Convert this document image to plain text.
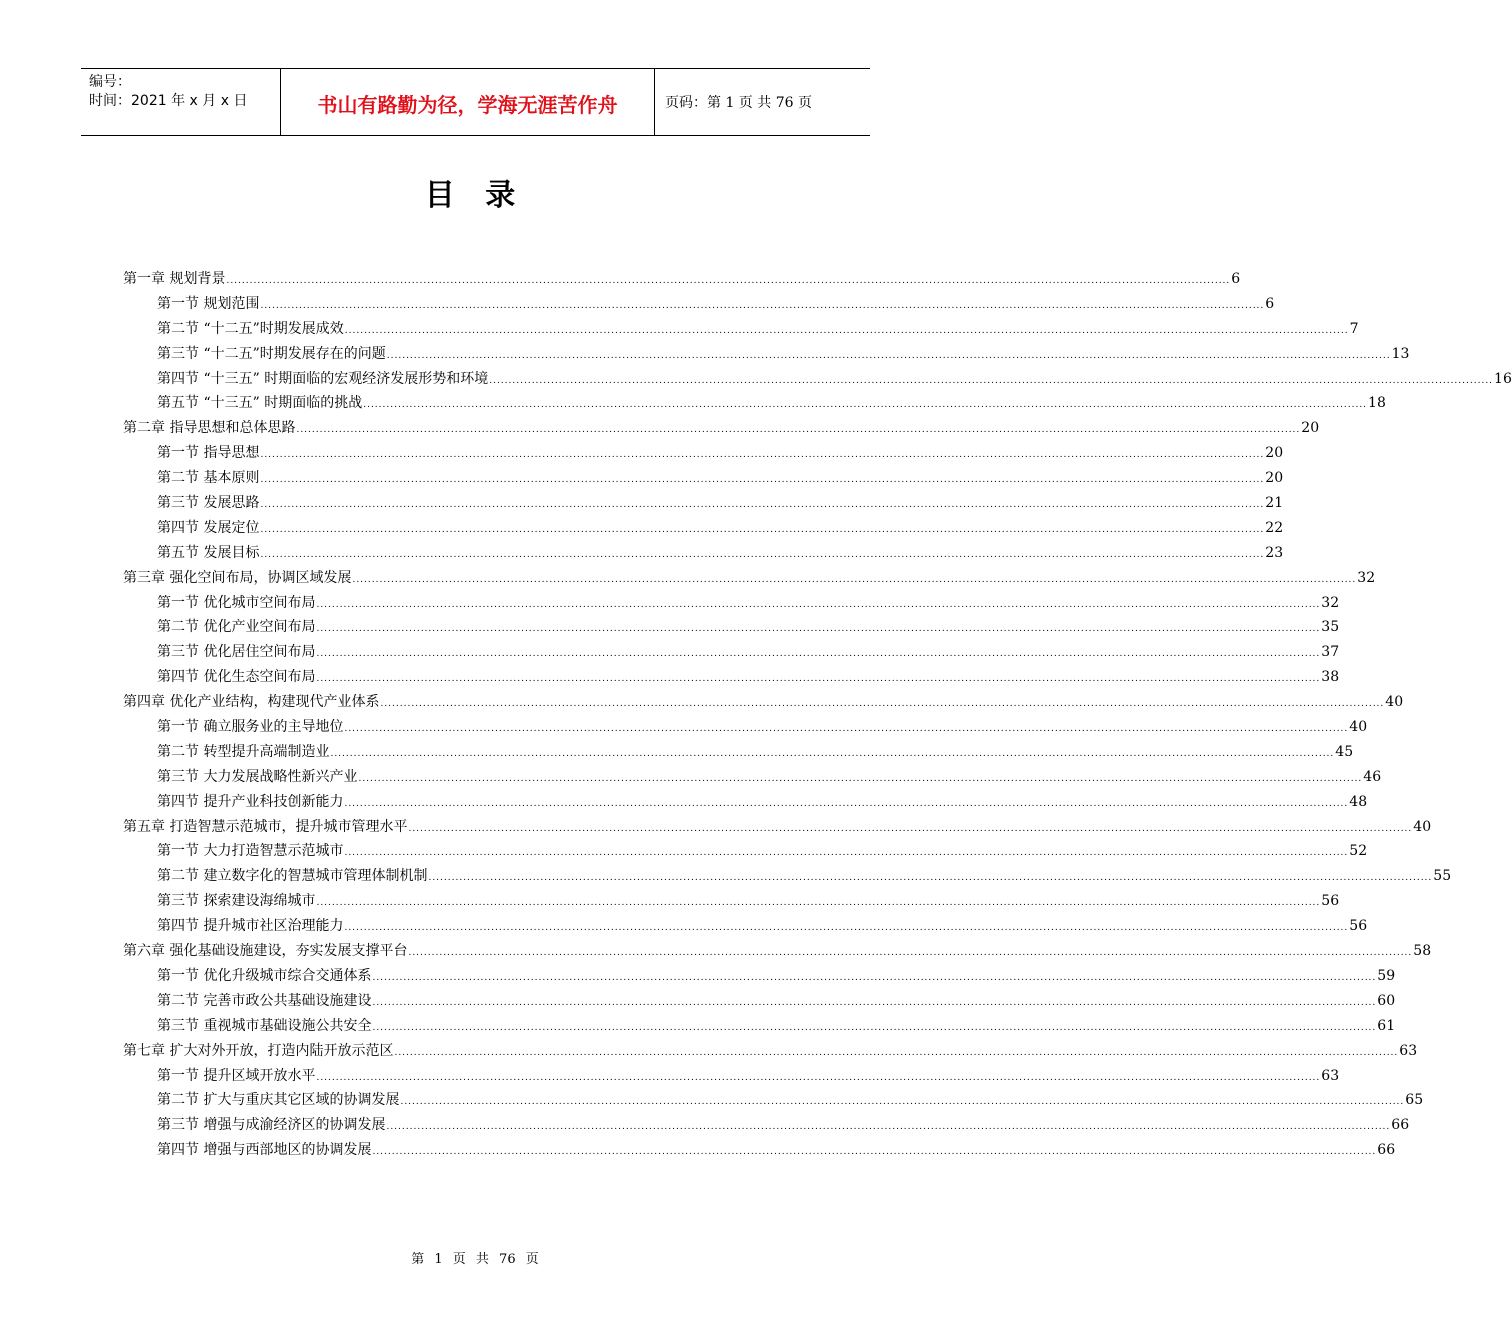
编号：
时间：2021 年 x 月 x 日	书山有路勤为径，学海无涯苦作舟	页码：第 1 页 共 76 页
目 录
第一章 规划背景 .................................................................................................................................................................................................................................................................... 6
第一节 规划范围 .................................................................................................................................................................................................................................................................... 6
第二节 “十二五”时期发展成效 .................................................................................................................................................................................................................................................................... 7
第三节 “十二五”时期发展存在的问题 .................................................................................................................................................................................................................................................................... 13
第四节 “十三五” 时期面临的宏观经济发展形势和环境 .................................................................................................................................................................................................................................................................... 16
第五节 “十三五” 时期面临的挑战 .................................................................................................................................................................................................................................................................... 18
第二章 指导思想和总体思路 .................................................................................................................................................................................................................................................................... 20
第一节 指导思想 .................................................................................................................................................................................................................................................................... 20
第二节 基本原则 .................................................................................................................................................................................................................................................................... 20
第三节 发展思路 .................................................................................................................................................................................................................................................................... 21
第四节 发展定位 .................................................................................................................................................................................................................................................................... 22
第五节 发展目标 .................................................................................................................................................................................................................................................................... 23
第三章 强化空间布局，协调区域发展 .................................................................................................................................................................................................................................................................... 32
第一节 优化城市空间布局 .................................................................................................................................................................................................................................................................... 32
第二节 优化产业空间布局 .................................................................................................................................................................................................................................................................... 35
第三节 优化居住空间布局 .................................................................................................................................................................................................................................................................... 37
第四节 优化生态空间布局 .................................................................................................................................................................................................................................................................... 38
第四章 优化产业结构，构建现代产业体系 .................................................................................................................................................................................................................................................................... 40
第一节 确立服务业的主导地位 .................................................................................................................................................................................................................................................................... 40
第二节 转型提升高端制造业 .................................................................................................................................................................................................................................................................... 45
第三节 大力发展战略性新兴产业 .................................................................................................................................................................................................................................................................... 46
第四节 提升产业科技创新能力 .................................................................................................................................................................................................................................................................... 48
第五章 打造智慧示范城市，提升城市管理水平 .................................................................................................................................................................................................................................................................... 40
第一节 大力打造智慧示范城市 .................................................................................................................................................................................................................................................................... 52
第二节 建立数字化的智慧城市管理体制机制 .................................................................................................................................................................................................................................................................... 55
第三节 探索建设海绵城市 .................................................................................................................................................................................................................................................................... 56
第四节 提升城市社区治理能力 .................................................................................................................................................................................................................................................................... 56
第六章 强化基础设施建设，夯实发展支撑平台 .................................................................................................................................................................................................................................................................... 58
第一节 优化升级城市综合交通体系 .................................................................................................................................................................................................................................................................... 59
第二节 完善市政公共基础设施建设 .................................................................................................................................................................................................................................................................... 60
第三节 重视城市基础设施公共安全 .................................................................................................................................................................................................................................................................... 61
第七章 扩大对外开放，打造内陆开放示范区 .................................................................................................................................................................................................................................................................... 63
第一节 提升区域开放水平 .................................................................................................................................................................................................................................................................... 63
第二节 扩大与重庆其它区域的协调发展 .................................................................................................................................................................................................................................................................... 65
第三节 增强与成渝经济区的协调发展 .................................................................................................................................................................................................................................................................... 66
第四节 增强与西部地区的协调发展 .................................................................................................................................................................................................................................................................... 66
第 1 页 共 76 页
